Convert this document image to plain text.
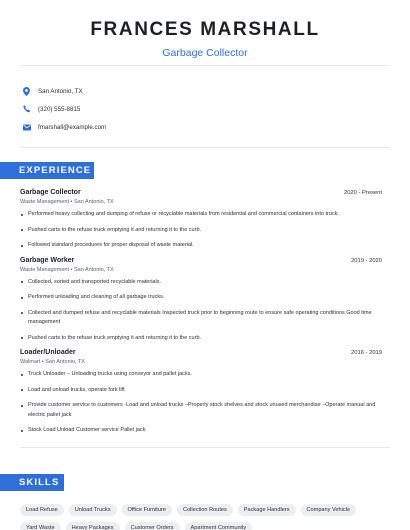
FRANCES MARSHALL
Garbage Collector
San Antonio, TX
(320) 555-8815
fmarshall@example.com
EXPERIENCE
Garbage Collector	2020 - Present
Waste Management • San Antonio, TX
Performed heavy collecting and dumping of refuse or recyclable materials from residential and commercial containers into truck.
Pushed carts to the refuse truck emptying it and returning it to the curb.
Followed standard procedures for proper disposal of waste material.
Garbage Worker	2019 - 2020
Waste Management • San Antonio, TX
Collected, sorted and transported recyclable materials.
Performed unloading and cleaning of all garbage trucks.
Collected and dumped refuse and recyclable materials Inspected truck prior to beginning route to ensure safe operating conditions Good time management
Pushed carts to the refuse truck emptying it and returning it to the curb.
Loader/Unloader	2016 - 2019
Walmart • San Antonio, TX
Truck Unloader – Unloading trucks using conveyor and pallet jacks.
Load and unload trucks, operate fork lift
Provide customer service to customers -Load and unload trucks –Properly stock shelves and stock unused merchandise –Operate manual and electric pallet jack
Stock Load Unload Customer service Pallet jack
SKILLS
Load Refuse	Unload Trucks	Office Furniture	Collection Routes	Package Handlers	Company Vehicle
Yard Waste	Heavy Packages	Customer Orders	Apartment Community
